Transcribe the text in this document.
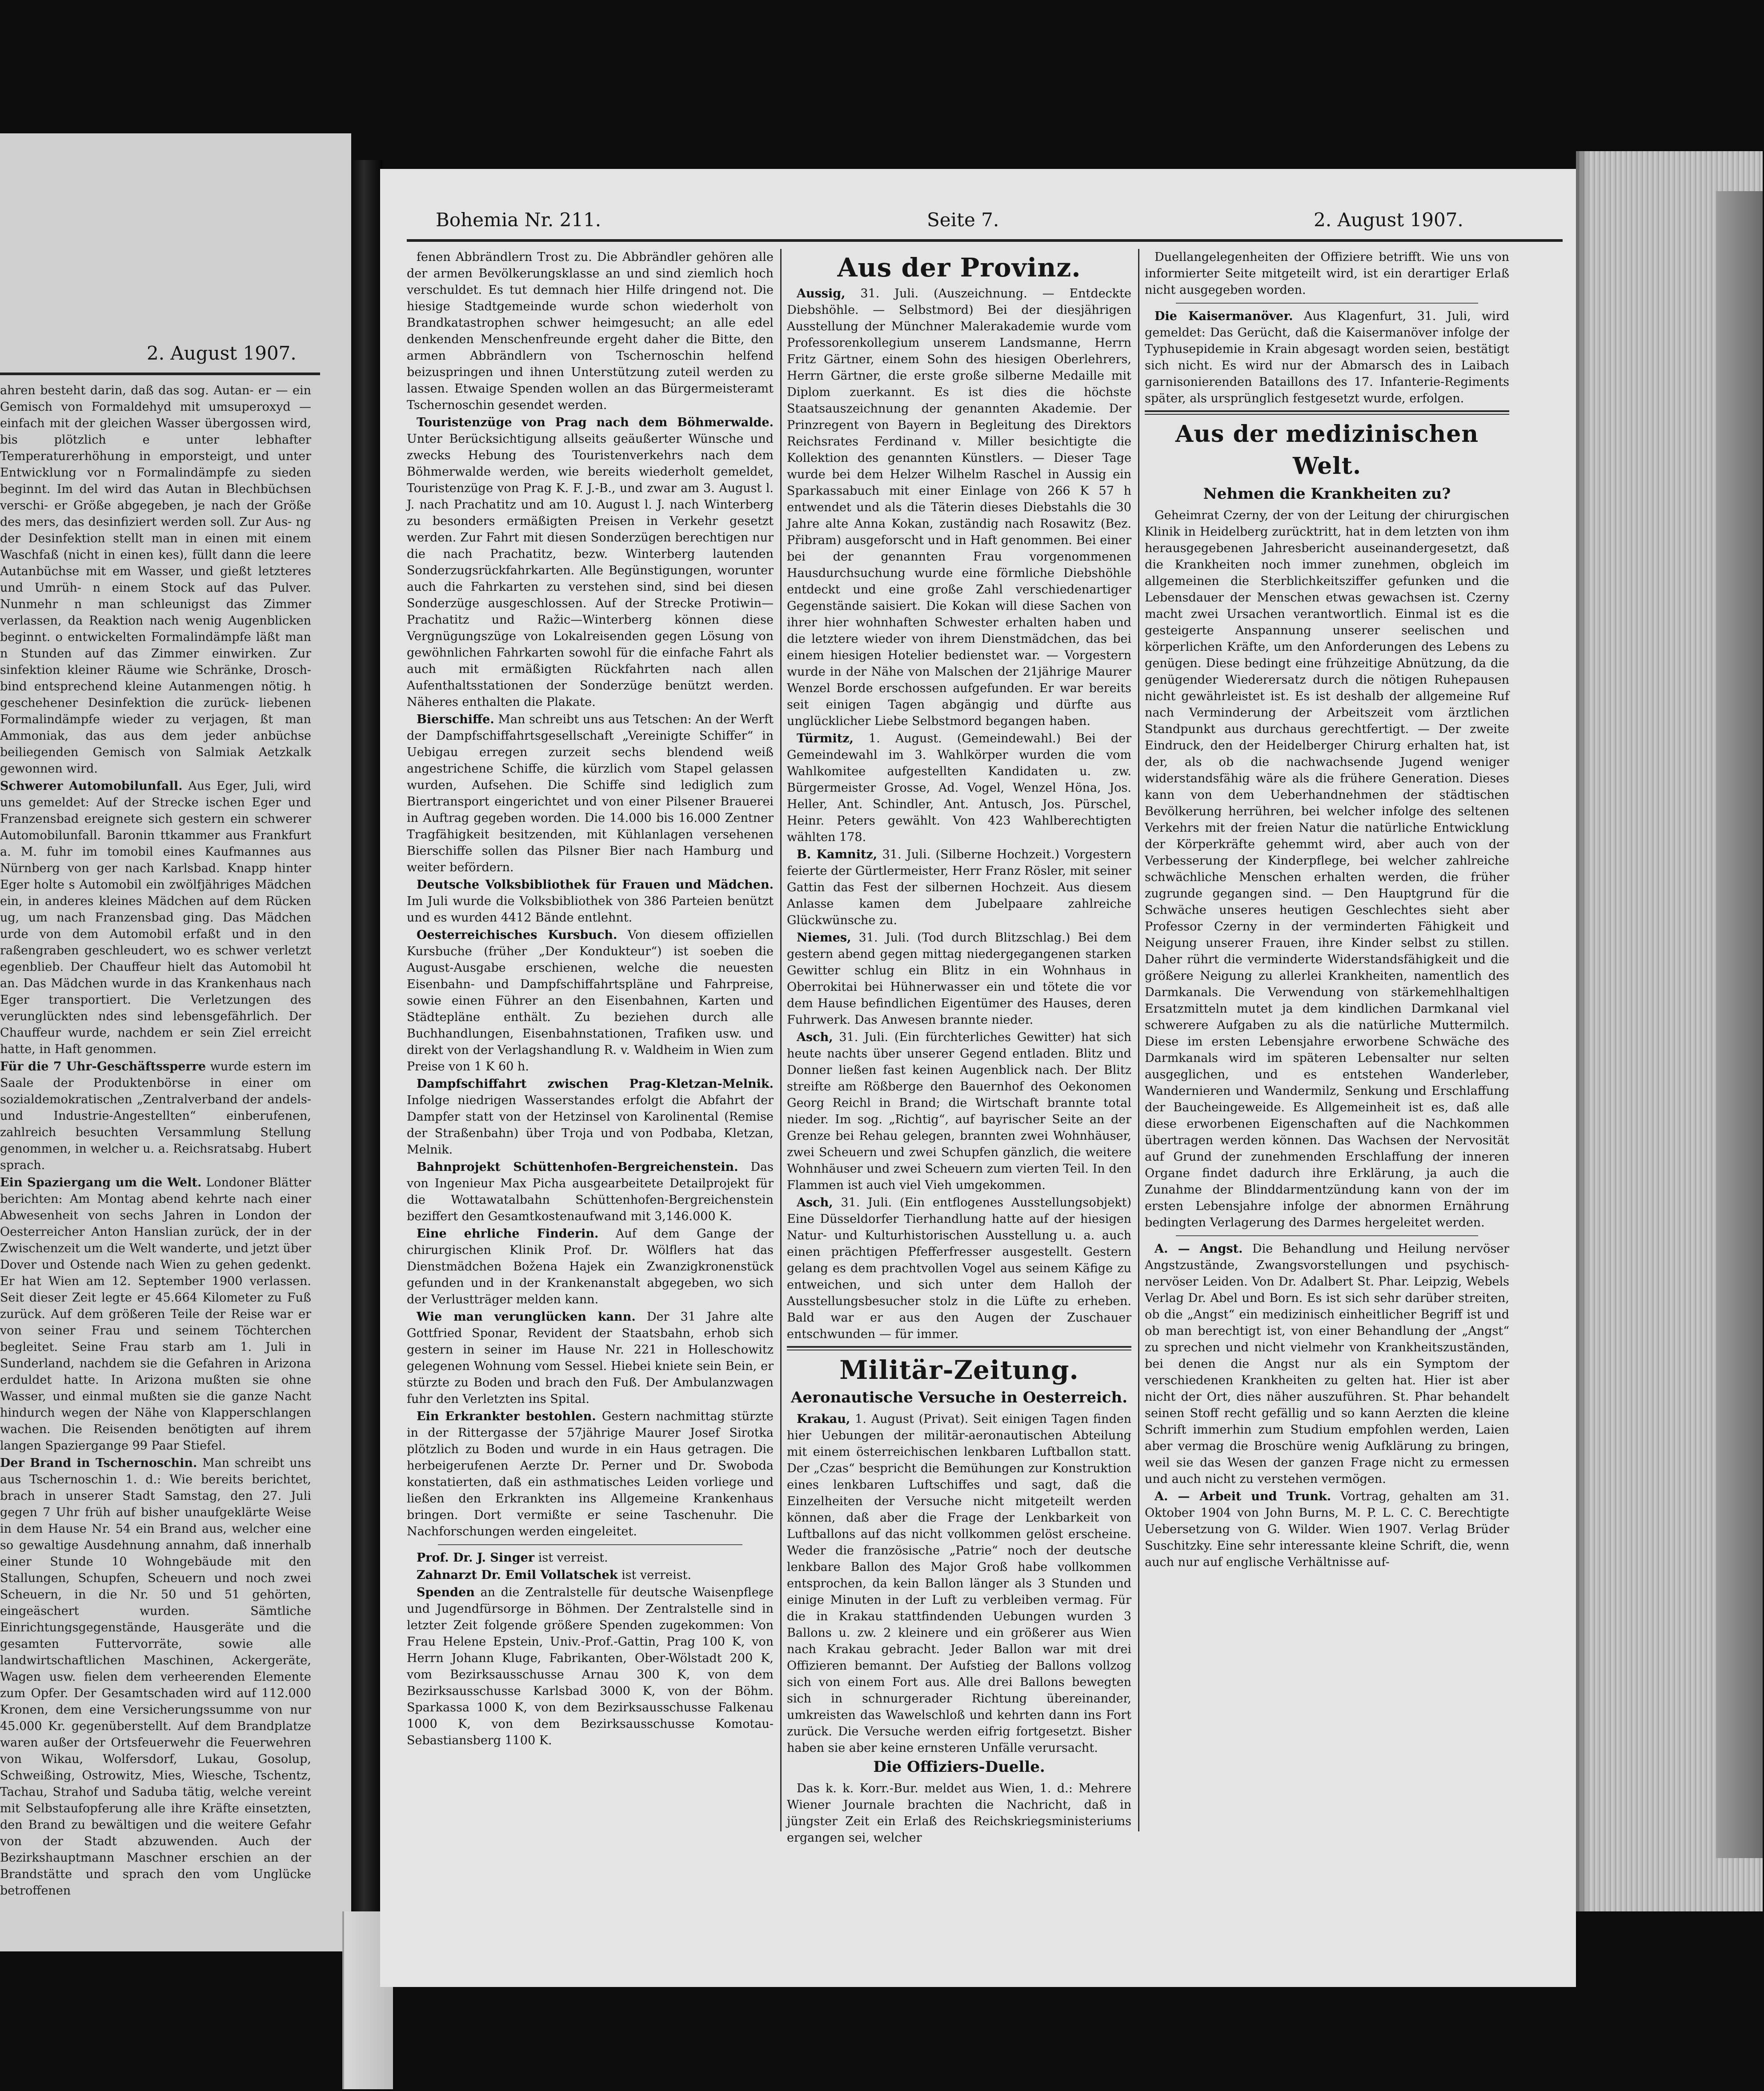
2. August 1907.

ahren besteht darin, daß das sog. Autan- er — ein Gemisch von Formaldehyd mit umsuperoxyd — einfach mit der gleichen Wasser übergossen wird, bis plötzlich e unter lebhafter Temperaturerhöhung in emporsteigt, und unter Entwicklung vor n Formalindämpfe zu sieden beginnt. Im del wird das Autan in Blechbüchsen verschi- er Größe abgegeben, je nach der Größe des mers, das desinfiziert werden soll. Zur Aus- ng der Desinfektion stellt man in einen mit einem Waschfaß (nicht in einen kes), füllt dann die leere Autanbüchse mit em Wasser, und gießt letzteres und Umrüh- n einem Stock auf das Pulver. Nunmehr n man schleunigst das Zimmer verlassen, da Reaktion nach wenig Augenblicken beginnt. o entwickelten Formalindämpfe läßt man n Stunden auf das Zimmer einwirken. Zur sinfektion kleiner Räume wie Schränke, Drosch- bind entsprechend kleine Autanmengen nötig. h geschehener Desinfektion die zurück- liebenen Formalindämpfe wieder zu verjagen, ßt man Ammoniak, das aus dem jeder anbüchse beiliegenden Gemisch von Salmiak Aetzkalk gewonnen wird.

Schwerer Automobilunfall. Aus Eger, Juli, wird uns gemeldet: Auf der Strecke ischen Eger und Franzensbad ereignete sich gestern ein schwerer Automobilunfall. Baronin ttkammer aus Frankfurt a. M. fuhr im tomobil eines Kaufmannes aus Nürnberg von ger nach Karlsbad. Knapp hinter Eger holte s Automobil ein zwölfjähriges Mädchen ein, in anderes kleines Mädchen auf dem Rücken ug, um nach Franzensbad ging. Das Mädchen urde von dem Automobil erfaßt und in den raßengraben geschleudert, wo es schwer verletzt egenblieb. Der Chauffeur hielt das Automobil ht an. Das Mädchen wurde in das Krankenhaus nach Eger transportiert. Die Verletzungen des verunglückten ndes sind lebensgefährlich. Der Chauffeur wurde, nachdem er sein Ziel erreicht hatte, in Haft genommen.

Für die 7 Uhr-Geschäftssperre wurde estern im Saale der Produktenbörse in einer om sozialdemokratischen „Zentralverband der andels- und Industrie-Angestellten“ einberufenen, zahlreich besuchten Versammlung Stellung genommen, in welcher u. a. Reichsratsabg. Hubert sprach.

Ein Spaziergang um die Welt. Londoner Blätter berichten: Am Montag abend kehrte nach einer Abwesenheit von sechs Jahren in London der Oesterreicher Anton Hanslian zurück, der in der Zwischenzeit um die Welt wanderte, und jetzt über Dover und Ostende nach Wien zu gehen gedenkt. Er hat Wien am 12. September 1900 verlassen. Seit dieser Zeit legte er 45.664 Kilometer zu Fuß zurück. Auf dem größeren Teile der Reise war er von seiner Frau und seinem Töchterchen begleitet. Seine Frau starb am 1. Juli in Sunderland, nachdem sie die Gefahren in Arizona erduldet hatte. In Arizona mußten sie ohne Wasser, und einmal mußten sie die ganze Nacht hindurch wegen der Nähe von Klapperschlangen wachen. Die Reisenden benötigten auf ihrem langen Spaziergange 99 Paar Stiefel.

Der Brand in Tschernoschin. Man schreibt uns aus Tschernoschin 1. d.: Wie bereits berichtet, brach in unserer Stadt Samstag, den 27. Juli gegen 7 Uhr früh auf bisher unaufgeklärte Weise in dem Hause Nr. 54 ein Brand aus, welcher eine so gewaltige Ausdehnung annahm, daß innerhalb einer Stunde 10 Wohngebäude mit den Stallungen, Schupfen, Scheuern und noch zwei Scheuern, in die Nr. 50 und 51 gehörten, eingeäschert wurden. Sämtliche Einrichtungsgegenstände, Hausgeräte und die gesamten Futtervorräte, sowie alle landwirtschaftlichen Maschinen, Ackergeräte, Wagen usw. fielen dem verheerenden Elemente zum Opfer. Der Gesamtschaden wird auf 112.000 Kronen, dem eine Versicherungssumme von nur 45.000 Kr. gegenüberstellt. Auf dem Brandplatze waren außer der Ortsfeuerwehr die Feuerwehren von Wikau, Wolfersdorf, Lukau, Gosolup, Schweißing, Ostrowitz, Mies, Wiesche, Tschentz, Tachau, Strahof und Saduba tätig, welche vereint mit Selbstaufopferung alle ihre Kräfte einsetzten, den Brand zu bewältigen und die weitere Gefahr von der Stadt abzuwenden. Auch der Bezirkshauptmann Maschner erschien an der Brandstätte und sprach den vom Unglücke betroffenen

Bohemia Nr. 211.	Seite 7.	2. August 1907.

fenen Abbrändlern Trost zu. Die Abbrändler gehören alle der armen Bevölkerungsklasse an und sind ziemlich hoch verschuldet. Es tut demnach hier Hilfe dringend not. Die hiesige Stadtgemeinde wurde schon wiederholt von Brandkatastrophen schwer heimgesucht; an alle edel denkenden Menschenfreunde ergeht daher die Bitte, den armen Abbrändlern von Tschernoschin helfend beizuspringen und ihnen Unterstützung zuteil werden zu lassen. Etwaige Spenden wollen an das Bürgermeisteramt Tschernoschin gesendet werden.

Touristenzüge von Prag nach dem Böhmerwalde. Unter Berücksichtigung allseits geäußerter Wünsche und zwecks Hebung des Touristenverkehrs nach dem Böhmerwalde werden, wie bereits wiederholt gemeldet, Touristenzüge von Prag K. F. J.-B., und zwar am 3. August l. J. nach Prachatitz und am 10. August l. J. nach Winterberg zu besonders ermäßigten Preisen in Verkehr gesetzt werden. Zur Fahrt mit diesen Sonderzügen berechtigen nur die nach Prachatitz, bezw. Winterberg lautenden Sonderzugsrückfahrkarten. Alle Begünstigungen, worunter auch die Fahrkarten zu verstehen sind, sind bei diesen Sonderzüge ausgeschlossen. Auf der Strecke Protiwin—Prachatitz und Ražic—Winterberg können diese Vergnügungszüge von Lokalreisenden gegen Lösung von gewöhnlichen Fahrkarten sowohl für die einfache Fahrt als auch mit ermäßigten Rückfahrten nach allen Aufenthaltsstationen der Sonderzüge benützt werden. Näheres enthalten die Plakate.

Bierschiffe. Man schreibt uns aus Tetschen: An der Werft der Dampfschiffahrtsgesellschaft „Vereinigte Schiffer“ in Uebigau erregen zurzeit sechs blendend weiß angestrichene Schiffe, die kürzlich vom Stapel gelassen wurden, Aufsehen. Die Schiffe sind lediglich zum Biertransport eingerichtet und von einer Pilsener Brauerei in Auftrag gegeben worden. Die 14.000 bis 16.000 Zentner Tragfähigkeit besitzenden, mit Kühlanlagen versehenen Bierschiffe sollen das Pilsner Bier nach Hamburg und weiter befördern.

Deutsche Volksbibliothek für Frauen und Mädchen. Im Juli wurde die Volksbibliothek von 386 Parteien benützt und es wurden 4412 Bände entlehnt.

Oesterreichisches Kursbuch. Von diesem offiziellen Kursbuche (früher „Der Kondukteur“) ist soeben die August-Ausgabe erschienen, welche die neuesten Eisenbahn- und Dampfschiffahrtspläne und Fahrpreise, sowie einen Führer an den Eisenbahnen, Karten und Städtepläne enthält. Zu beziehen durch alle Buchhandlungen, Eisenbahnstationen, Trafiken usw. und direkt von der Verlagshandlung R. v. Waldheim in Wien zum Preise von 1 K 60 h.

Dampfschiffahrt zwischen Prag-Kletzan-Melnik. Infolge niedrigen Wasserstandes erfolgt die Abfahrt der Dampfer statt von der Hetzinsel von Karolinental (Remise der Straßenbahn) über Troja und von Podbaba, Kletzan, Melnik.

Bahnprojekt Schüttenhofen-Bergreichenstein. Das von Ingenieur Max Picha ausgearbeitete Detailprojekt für die Wottawatalbahn Schüttenhofen-Bergreichenstein beziffert den Gesamtkostenaufwand mit 3,146.000 K.

Eine ehrliche Finderin. Auf dem Gange der chirurgischen Klinik Prof. Dr. Wölflers hat das Dienstmädchen Božena Hajek ein Zwanzigkronenstück gefunden und in der Krankenanstalt abgegeben, wo sich der Verlustträger melden kann.

Wie man verunglücken kann. Der 31 Jahre alte Gottfried Sponar, Revident der Staatsbahn, erhob sich gestern in seiner im Hause Nr. 221 in Holleschowitz gelegenen Wohnung vom Sessel. Hiebei kniete sein Bein, er stürzte zu Boden und brach den Fuß. Der Ambulanzwagen fuhr den Verletzten ins Spital.

Ein Erkrankter bestohlen. Gestern nachmittag stürzte in der Rittergasse der 57jährige Maurer Josef Sirotka plötzlich zu Boden und wurde in ein Haus getragen. Die herbeigerufenen Aerzte Dr. Perner und Dr. Swoboda konstatierten, daß ein asthmatisches Leiden vorliege und ließen den Erkrankten ins Allgemeine Krankenhaus bringen. Dort vermißte er seine Taschenuhr. Die Nachforschungen werden eingeleitet.

Prof. Dr. J. Singer ist verreist.

Zahnarzt Dr. Emil Vollatschek ist verreist.

Spenden an die Zentralstelle für deutsche Waisenpflege und Jugendfürsorge in Böhmen. Der Zentralstelle sind in letzter Zeit folgende größere Spenden zugekommen: Von Frau Helene Epstein, Univ.-Prof.-Gattin, Prag 100 K, von Herrn Johann Kluge, Fabrikanten, Ober-Wölstadt 200 K, vom Bezirksausschusse Arnau 300 K, von dem Bezirksausschusse Karlsbad 3000 K, von der Böhm. Sparkassa 1000 K, von dem Bezirksausschusse Falkenau 1000 K, von dem Bezirksausschusse Komotau-Sebastiansberg 1100 K.

Aus der Provinz.

Aussig, 31. Juli. (Auszeichnung. — Entdeckte Diebshöhle. — Selbstmord) Bei der diesjährigen Ausstellung der Münchner Malerakademie wurde vom Professorenkollegium unserem Landsmanne, Herrn Fritz Gärtner, einem Sohn des hiesigen Oberlehrers, Herrn Gärtner, die erste große silberne Medaille mit Diplom zuerkannt. Es ist dies die höchste Staatsauszeichnung der genannten Akademie. Der Prinzregent von Bayern in Begleitung des Direktors Reichsrates Ferdinand v. Miller besichtigte die Kollektion des genannten Künstlers. — Dieser Tage wurde bei dem Helzer Wilhelm Raschel in Aussig ein Sparkassabuch mit einer Einlage von 266 K 57 h entwendet und als die Täterin dieses Diebstahls die 30 Jahre alte Anna Kokan, zuständig nach Rosawitz (Bez. Přibram) ausgeforscht und in Haft genommen. Bei einer bei der genannten Frau vorgenommenen Hausdurchsuchung wurde eine förmliche Diebshöhle entdeckt und eine große Zahl verschiedenartiger Gegenstände saisiert. Die Kokan will diese Sachen von ihrer hier wohnhaften Schwester erhalten haben und die letztere wieder von ihrem Dienstmädchen, das bei einem hiesigen Hotelier bedienstet war. — Vorgestern wurde in der Nähe von Malschen der 21jährige Maurer Wenzel Borde erschossen aufgefunden. Er war bereits seit einigen Tagen abgängig und dürfte aus unglücklicher Liebe Selbstmord begangen haben.

Türmitz, 1. August. (Gemeindewahl.) Bei der Gemeindewahl im 3. Wahlkörper wurden die vom Wahlkomitee aufgestellten Kandidaten u. zw. Bürgermeister Grosse, Ad. Vogel, Wenzel Höna, Jos. Heller, Ant. Schindler, Ant. Antusch, Jos. Pürschel, Heinr. Peters gewählt. Von 423 Wahlberechtigten wählten 178.

B. Kamnitz, 31. Juli. (Silberne Hochzeit.) Vorgestern feierte der Gürtlermeister, Herr Franz Rösler, mit seiner Gattin das Fest der silbernen Hochzeit. Aus diesem Anlasse kamen dem Jubelpaare zahlreiche Glückwünsche zu.

Niemes, 31. Juli. (Tod durch Blitzschlag.) Bei dem gestern abend gegen mittag niedergegangenen starken Gewitter schlug ein Blitz in ein Wohnhaus in Oberrokitai bei Hühnerwasser ein und tötete die vor dem Hause befindlichen Eigentümer des Hauses, deren Fuhrwerk. Das Anwesen brannte nieder.

Asch, 31. Juli. (Ein fürchterliches Gewitter) hat sich heute nachts über unserer Gegend entladen. Blitz und Donner ließen fast keinen Augenblick nach. Der Blitz streifte am Rößberge den Bauernhof des Oekonomen Georg Reichl in Brand; die Wirtschaft brannte total nieder. Im sog. „Richtig“, auf bayrischer Seite an der Grenze bei Rehau gelegen, brannten zwei Wohnhäuser, zwei Scheuern und zwei Schupfen gänzlich, die weitere Wohnhäuser und zwei Scheuern zum vierten Teil. In den Flammen ist auch viel Vieh umgekommen.

Asch, 31. Juli. (Ein entflogenes Ausstellungsobjekt) Eine Düsseldorfer Tierhandlung hatte auf der hiesigen Natur- und Kulturhistorischen Ausstellung u. a. auch einen prächtigen Pfefferfresser ausgestellt. Gestern gelang es dem prachtvollen Vogel aus seinem Käfige zu entweichen, und sich unter dem Halloh der Ausstellungsbesucher stolz in die Lüfte zu erheben. Bald war er aus den Augen der Zuschauer entschwunden — für immer.

Militär-Zeitung.
Aeronautische Versuche in Oesterreich.

Krakau, 1. August (Privat). Seit einigen Tagen finden hier Uebungen der militär-aeronautischen Abteilung mit einem österreichischen lenkbaren Luftballon statt. Der „Czas“ bespricht die Bemühungen zur Konstruktion eines lenkbaren Luftschiffes und sagt, daß die Einzelheiten der Versuche nicht mitgeteilt werden können, daß aber die Frage der Lenkbarkeit von Luftballons auf das nicht vollkommen gelöst erscheine. Weder die französische „Patrie“ noch der deutsche lenkbare Ballon des Major Groß habe vollkommen entsprochen, da kein Ballon länger als 3 Stunden und einige Minuten in der Luft zu verbleiben vermag. Für die in Krakau stattfindenden Uebungen wurden 3 Ballons u. zw. 2 kleinere und ein größerer aus Wien nach Krakau gebracht. Jeder Ballon war mit drei Offizieren bemannt. Der Aufstieg der Ballons vollzog sich von einem Fort aus. Alle drei Ballons bewegten sich in schnurgerader Richtung übereinander, umkreisten das Wawelschloß und kehrten dann ins Fort zurück. Die Versuche werden eifrig fortgesetzt. Bisher haben sie aber keine ernsteren Unfälle verursacht.

Die Offiziers-Duelle.

Das k. k. Korr.-Bur. meldet aus Wien, 1. d.: Mehrere Wiener Journale brachten die Nachricht, daß in jüngster Zeit ein Erlaß des Reichskriegsministeriums ergangen sei, welcher

Duellangelegenheiten der Offiziere betrifft. Wie uns von informierter Seite mitgeteilt wird, ist ein derartiger Erlaß nicht ausgegeben worden.

Die Kaisermanöver. Aus Klagenfurt, 31. Juli, wird gemeldet: Das Gerücht, daß die Kaisermanöver infolge der Typhusepidemie in Krain abgesagt worden seien, bestätigt sich nicht. Es wird nur der Abmarsch des in Laibach garnisonierenden Bataillons des 17. Infanterie-Regiments später, als ursprünglich festgesetzt wurde, erfolgen.

Aus der medizinischen Welt.
Nehmen die Krankheiten zu?

Geheimrat Czerny, der von der Leitung der chirurgischen Klinik in Heidelberg zurücktritt, hat in dem letzten von ihm herausgegebenen Jahresbericht auseinandergesetzt, daß die Krankheiten noch immer zunehmen, obgleich im allgemeinen die Sterblichkeitsziffer gefunken und die Lebensdauer der Menschen etwas gewachsen ist. Czerny macht zwei Ursachen verantwortlich. Einmal ist es die gesteigerte Anspannung unserer seelischen und körperlichen Kräfte, um den Anforderungen des Lebens zu genügen. Diese bedingt eine frühzeitige Abnützung, da die genügender Wiederersatz durch die nötigen Ruhepausen nicht gewährleistet ist. Es ist deshalb der allgemeine Ruf nach Verminderung der Arbeitszeit vom ärztlichen Standpunkt aus durchaus gerechtfertigt. — Der zweite Eindruck, den der Heidelberger Chirurg erhalten hat, ist der, als ob die nachwachsende Jugend weniger widerstandsfähig wäre als die frühere Generation. Dieses kann von dem Ueberhandnehmen der städtischen Bevölkerung herrühren, bei welcher infolge des seltenen Verkehrs mit der freien Natur die natürliche Entwicklung der Körperkräfte gehemmt wird, aber auch von der Verbesserung der Kinderpflege, bei welcher zahlreiche schwächliche Menschen erhalten werden, die früher zugrunde gegangen sind. — Den Hauptgrund für die Schwäche unseres heutigen Geschlechtes sieht aber Professor Czerny in der verminderten Fähigkeit und Neigung unserer Frauen, ihre Kinder selbst zu stillen. Daher rührt die verminderte Widerstandsfähigkeit und die größere Neigung zu allerlei Krankheiten, namentlich des Darmkanals. Die Verwendung von stärkemehlhaltigen Ersatzmitteln mutet ja dem kindlichen Darmkanal viel schwerere Aufgaben zu als die natürliche Muttermilch. Diese im ersten Lebensjahre erworbene Schwäche des Darmkanals wird im späteren Lebensalter nur selten ausgeglichen, und es entstehen Wanderleber, Wandernieren und Wandermilz, Senkung und Erschlaffung der Baucheingeweide. Es Allgemeinheit ist es, daß alle diese erworbenen Eigenschaften auf die Nachkommen übertragen werden können. Das Wachsen der Nervosität auf Grund der zunehmenden Erschlaffung der inneren Organe findet dadurch ihre Erklärung, ja auch die Zunahme der Blinddarmentzündung kann von der im ersten Lebensjahre infolge der abnormen Ernährung bedingten Verlagerung des Darmes hergeleitet werden.

A. — Angst. Die Behandlung und Heilung nervöser Angstzustände, Zwangsvorstellungen und psychisch-nervöser Leiden. Von Dr. Adalbert St. Phar. Leipzig, Webels Verlag Dr. Abel und Born. Es ist sich sehr darüber streiten, ob die „Angst“ ein medizinisch einheitlicher Begriff ist und ob man berechtigt ist, von einer Behandlung der „Angst“ zu sprechen und nicht vielmehr von Krankheitszuständen, bei denen die Angst nur als ein Symptom der verschiedenen Krankheiten zu gelten hat. Hier ist aber nicht der Ort, dies näher auszuführen. St. Phar behandelt seinen Stoff recht gefällig und so kann Aerzten die kleine Schrift immerhin zum Studium empfohlen werden, Laien aber vermag die Broschüre wenig Aufklärung zu bringen, weil sie das Wesen der ganzen Frage nicht zu ermessen und auch nicht zu verstehen vermögen.

A. — Arbeit und Trunk. Vortrag, gehalten am 31. Oktober 1904 von John Burns, M. P. L. C. C. Berechtigte Uebersetzung von G. Wilder. Wien 1907. Verlag Brüder Suschitzky. Eine sehr interessante kleine Schrift, die, wenn auch nur auf englische Verhältnisse auf-
